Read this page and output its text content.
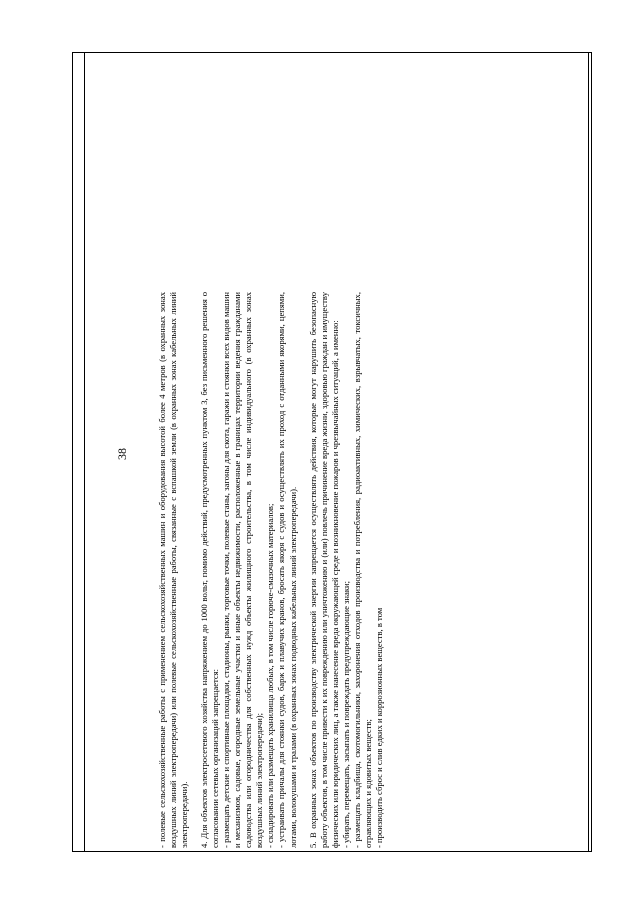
38	- полевые сельскохозяйственные работы с применением сельскохозяйственных машин и оборудования высотой более 4 метров (в охранных зонах воздушных линий электропередачи) или полевые сельскохозяйственные работы, связанные с вспашкой земли (в охранных зонах кабельных линий электропередачи). 4. Для объектов электросетевого хозяйства напряжением до 1000 вольт, помимо действий, предусмотренных пунктом 3, без письменного решения о согласовании сетевых организаций запрещается: - размещать детские и спортивные площадки, стадионы, рынки, торговые точки, полевые станы, загоны для скота, гаражи и стоянки всех видов машин и механизмов, садовые, огородные земельные участки и иные объекты недвижимости, расположенные в границах территории ведения гражданами садоводства или огородничества для собственных нужд объекты жилищного строительства, в том числе индивидуального (в охранных зонах воздушных линий электропередачи); - складировать или размещать хранилища любых, в том числе горюче-смазочных материалов; - устраивать причалы для стоянки судов, барж и плавучих кранов, бросать якоря с судов и осуществлять их проход с отданными якорями, цепями, лотами, волокушами и тралами (в охранных зонах подводных кабельных линий электропередачи). 5. В охранных зонах объектов по производству электрической энергии запрещается осуществлять действия, которые могут нарушить безопасную работу объектов, в том числе привести к их повреждению или уничтожению и (или) повлечь причинение вреда жизни, здоровью граждан и имуществу физических или юридических лиц, а также нанесение вреда окружающей среде и возникновение пожаров и чрезвычайных ситуаций, а именно: - убирать, перемещать, засыпать и повреждать предупреждающие знаки; - размещать кладбища, скотомогильники, захоронения отходов производства и потребления, радиоактивных, химических, взрывчатых, токсичных, отравляющих и ядовитых веществ; - производить сброс и слив едких и коррозионных веществ, в том
